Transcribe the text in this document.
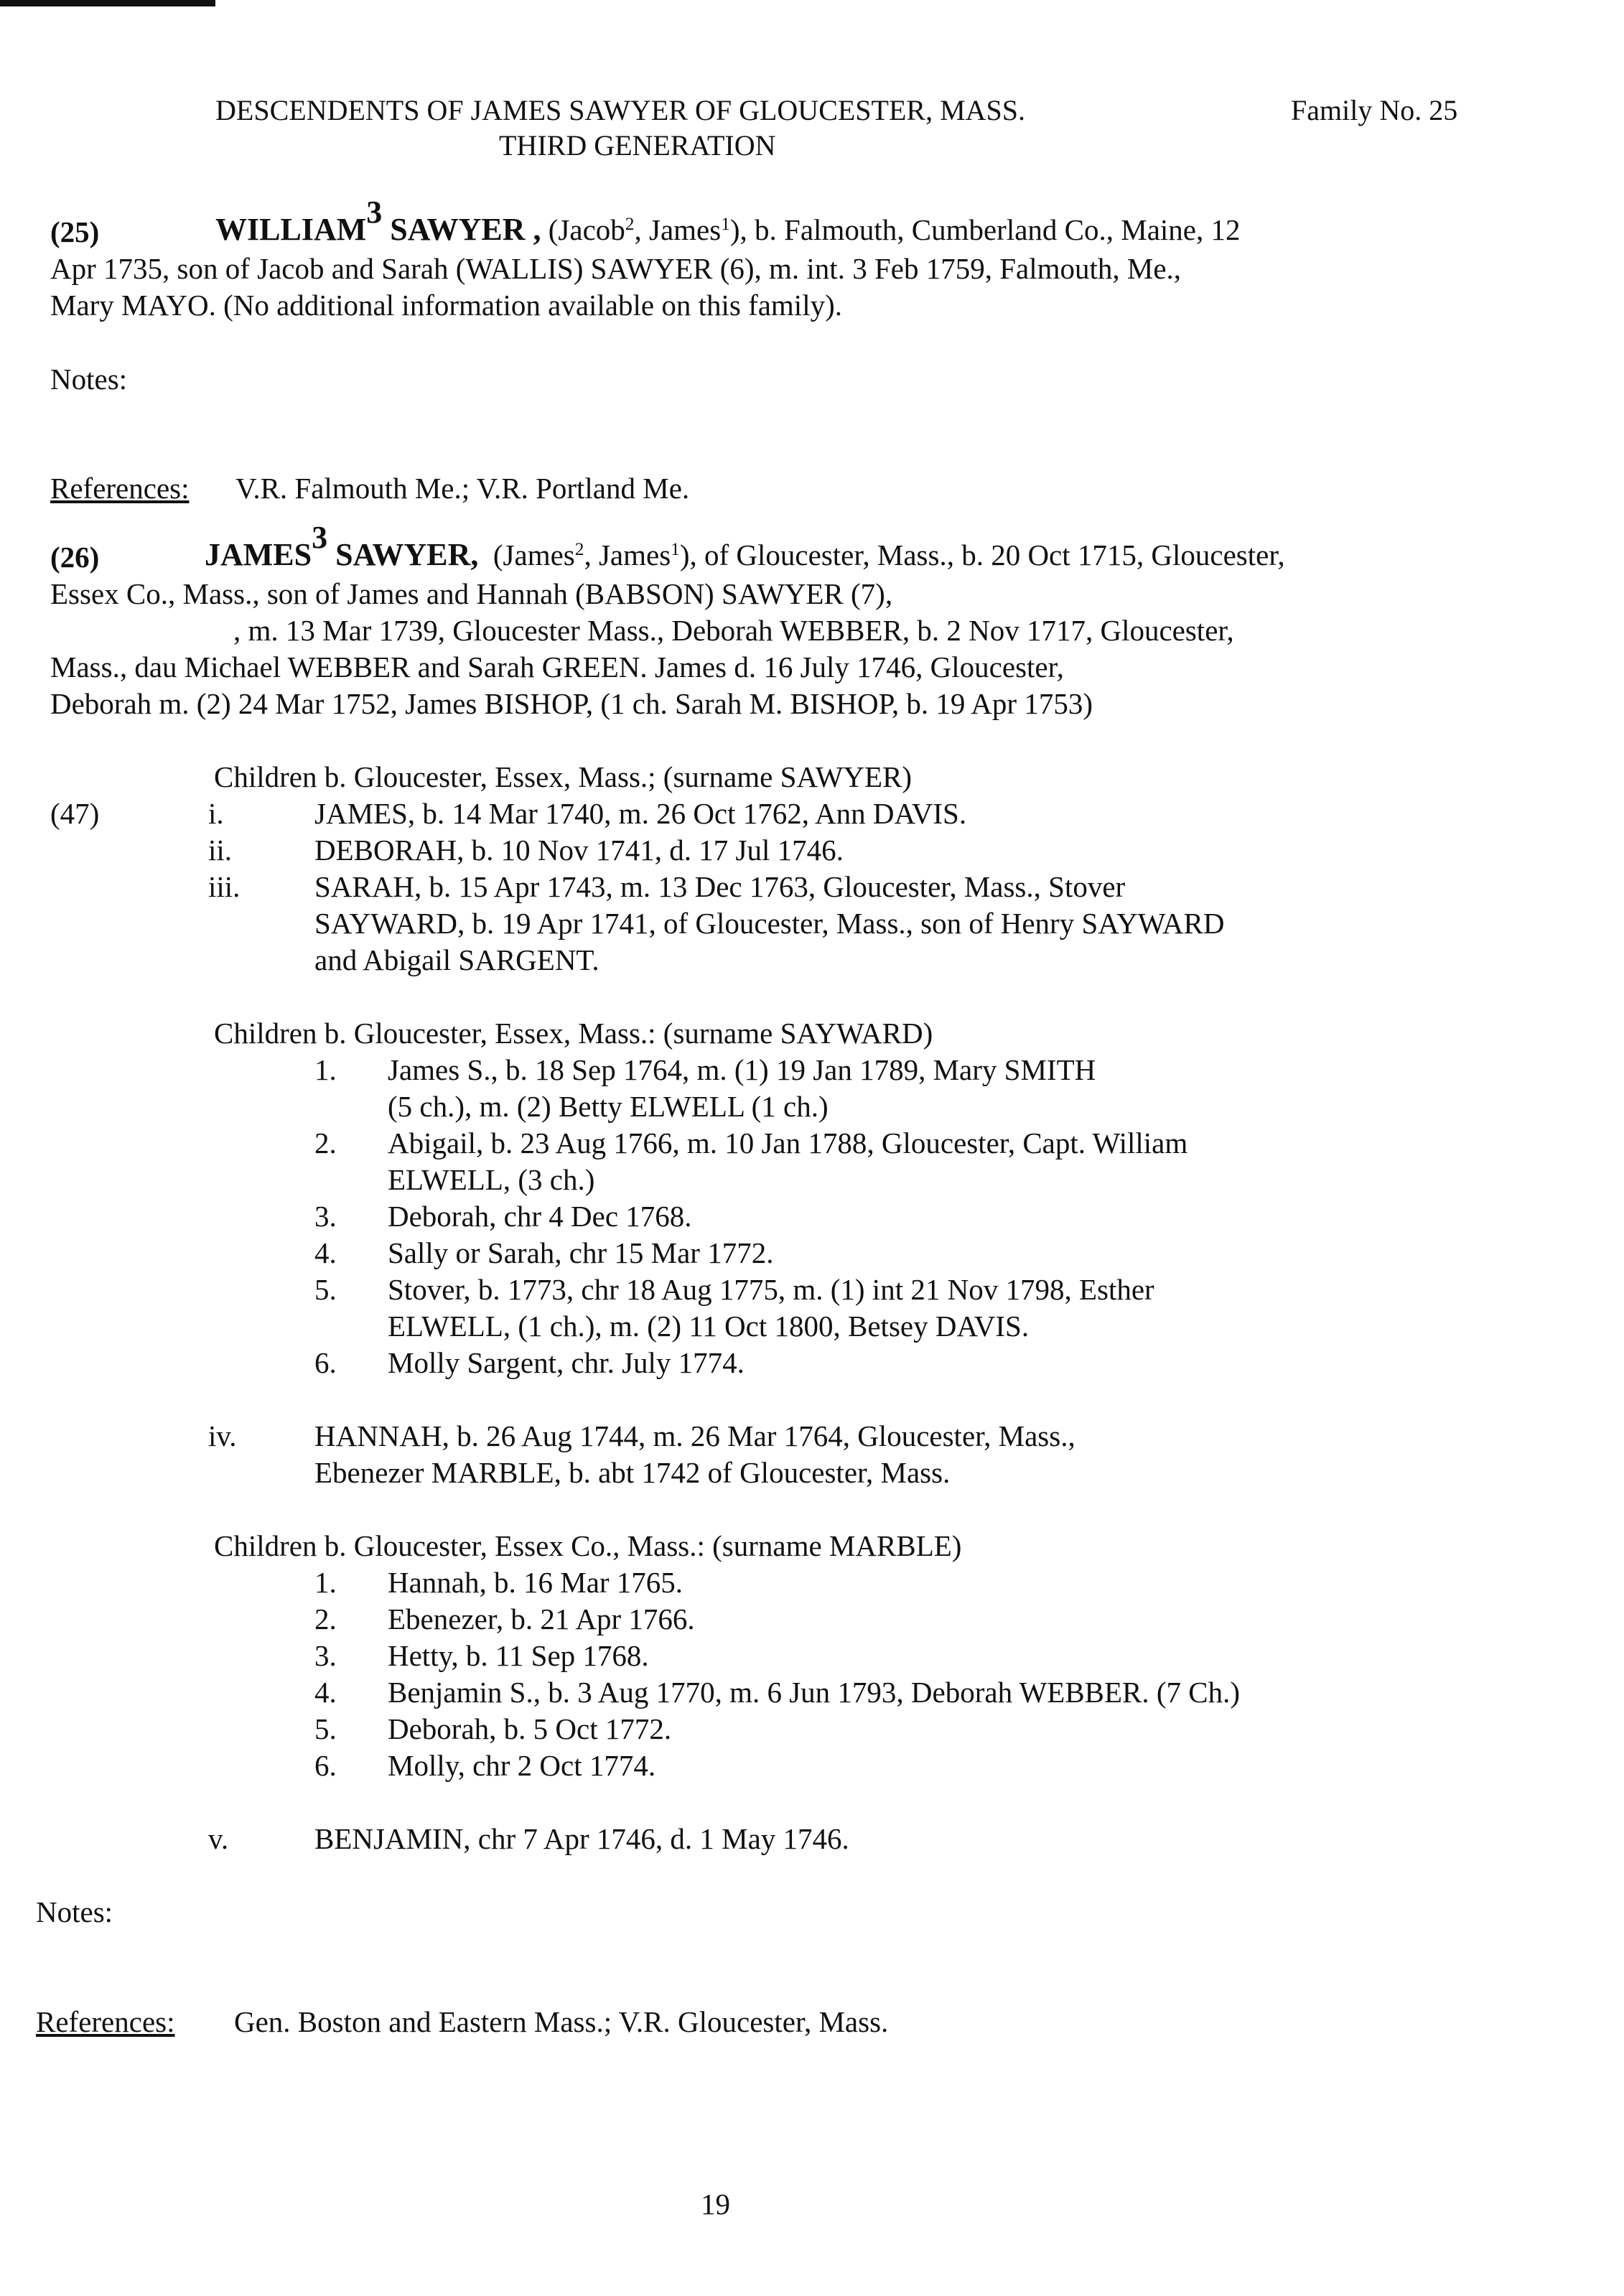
DESCENDENTS OF JAMES SAWYER OF GLOUCESTER, MASS.	Family No. 25
THIRD GENERATION
(25)	WILLIAM3 SAWYER , (Jacob$^2$, James$^1$), b. Falmouth, Cumberland Co., Maine, 12
Apr 1735, son of Jacob and Sarah (WALLIS) SAWYER (6), m. int. 3 Feb 1759, Falmouth, Me.,
Mary MAYO. (No additional information available on this family).
Notes:
References: V.R. Falmouth Me.; V.R. Portland Me.
(26)	JAMES3 SAWYER, (James$^2$, James$^1$), of Gloucester, Mass., b. 20 Oct 1715, Gloucester,
Essex Co., Mass., son of James and Hannah (BABSON) SAWYER (7),
, m. 13 Mar 1739, Gloucester Mass., Deborah WEBBER, b. 2 Nov 1717, Gloucester,
Mass., dau Michael WEBBER and Sarah GREEN. James d. 16 July 1746, Gloucester,
Deborah m. (2) 24 Mar 1752, James BISHOP, (1 ch. Sarah M. BISHOP, b. 19 Apr 1753)
Children b. Gloucester, Essex, Mass.; (surname SAWYER)
(47)	i.	JAMES, b. 14 Mar 1740, m. 26 Oct 1762, Ann DAVIS.
ii.	DEBORAH, b. 10 Nov 1741, d. 17 Jul 1746.
iii.	SARAH, b. 15 Apr 1743, m. 13 Dec 1763, Gloucester, Mass., Stover
SAYWARD, b. 19 Apr 1741, of Gloucester, Mass., son of Henry SAYWARD
and Abigail SARGENT.
Children b. Gloucester, Essex, Mass.: (surname SAYWARD)
1. James S., b. 18 Sep 1764, m. (1) 19 Jan 1789, Mary SMITH
(5 ch.), m. (2) Betty ELWELL (1 ch.)
2. Abigail, b. 23 Aug 1766, m. 10 Jan 1788, Gloucester, Capt. William
ELWELL, (3 ch.)
3. Deborah, chr 4 Dec 1768.
4. Sally or Sarah, chr 15 Mar 1772.
5. Stover, b. 1773, chr 18 Aug 1775, m. (1) int 21 Nov 1798, Esther
ELWELL, (1 ch.), m. (2) 11 Oct 1800, Betsey DAVIS.
6. Molly Sargent, chr. July 1774.
iv.	HANNAH, b. 26 Aug 1744, m. 26 Mar 1764, Gloucester, Mass.,
Ebenezer MARBLE, b. abt 1742 of Gloucester, Mass.
Children b. Gloucester, Essex Co., Mass.: (surname MARBLE)
1. Hannah, b. 16 Mar 1765.
2. Ebenezer, b. 21 Apr 1766.
3. Hetty, b. 11 Sep 1768.
4. Benjamin S., b. 3 Aug 1770, m. 6 Jun 1793, Deborah WEBBER. (7 Ch.)
5. Deborah, b. 5 Oct 1772.
6. Molly, chr 2 Oct 1774.
v.	BENJAMIN, chr 7 Apr 1746, d. 1 May 1746.
Notes:
References: Gen. Boston and Eastern Mass.; V.R. Gloucester, Mass.
19
